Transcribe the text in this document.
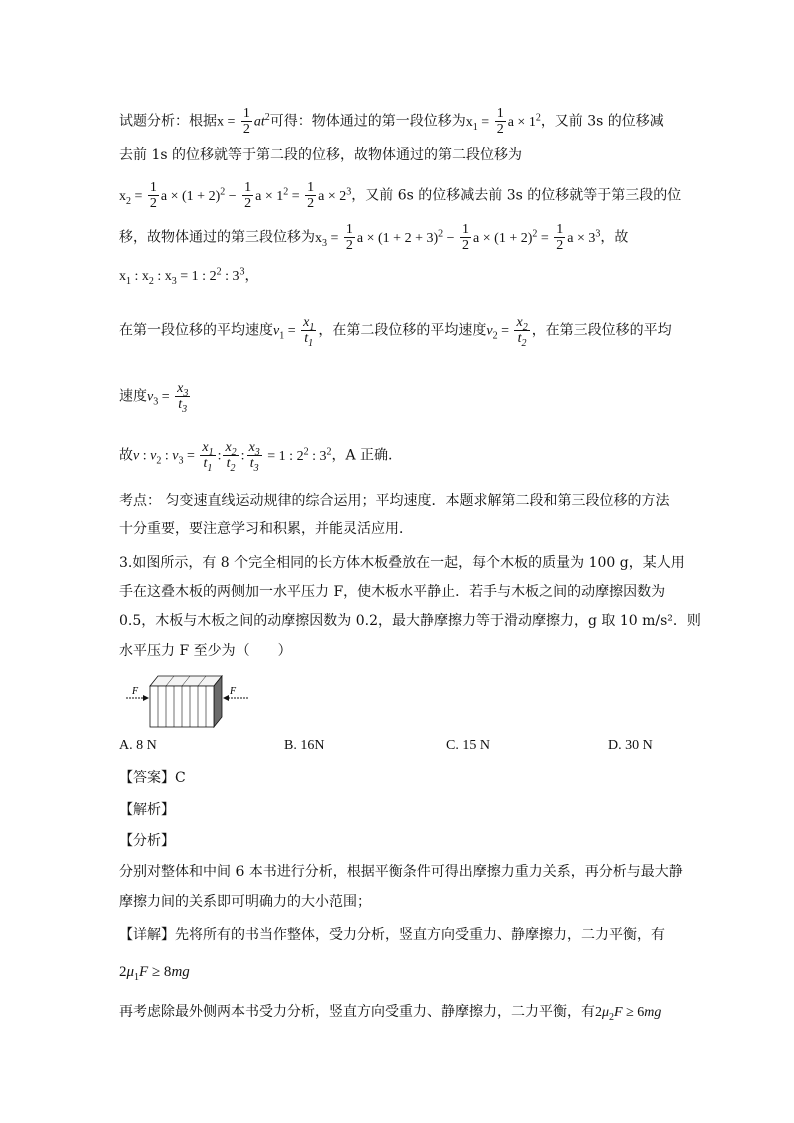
试题分析：根据$x = \frac{1}{2} at^2$可得：物体通过的第一段位移为$x_1 = \frac{1}{2}$ $a \times 1^2$，又前 3s 的位移减
去前 1s 的位移就等于第二段的位移，故物体通过的第二段位移为
$x_2 = \frac{1}{2}$ $a \times (1 + 2)^2 - \frac{1}{2}$ $a \times 1^2 = \frac{1}{2}$ $a \times 2^3$，又前 6s 的位移减去前 3s 的位移就等于第三段的位
移，故物体通过的第三段位移为$x_3 = \frac{1}{2}$ $a \times (1 + 2 + 3)^2 - \frac{1}{2}$ $a \times (1 + 2)^2 = \frac{1}{2}$ $a \times 3^3$，故
$x_1$ : $x_2$ : $x_3 = 1$ : $2^2$ : $3^3$，
在第一段位移的平均速度$v_1 = \frac{x_1}{t_1}$ ，在第二段位移的平均速度$v_2 = \frac{x_2}{t_2}$ ，在第三段位移的平均
速度$v_3 = \frac{x_3}{t_3}$
故v : $v_2$ : $v_3 = \frac{x_1}{t_1}$ : $\frac{x_2}{t_2}$ : $\frac{x_3}{t_3} = 1$ : $2^2$ : $3^2$，A 正确.
考点： 匀变速直线运动规律的综合运用；平均速度．本题求解第二段和第三段位移的方法
十分重要，要注意学习和积累，并能灵活应用．
3.如图所示，有 8 个完全相同的长方体木板叠放在一起，每个木板的质量为 100 g，某人用
手在这叠木板的两侧加一水平压力 F，使木板水平静止．若手与木板之间的动摩擦因数为
0.5，木板与木板之间的动摩擦因数为 0.2，最大静摩擦力等于滑动摩擦力，g 取 10 m/s²．则
水平压力 F 至少为（　　）
F	F
A. 8 N	B. 16N	C. 15 N	D. 30 N
【答案】C
【解析】
【分析】
分别对整体和中间 6 本书进行分析，根据平衡条件可得出摩擦力重力关系，再分析与最大静
摩擦力间的关系即可明确力的大小范围；
【详解】先将所有的书当作整体，受力分析，竖直方向受重力、静摩擦力，二力平衡，有
$2\mu_1F \ge 8mg$
再考虑除最外侧两本书受力分析，竖直方向受重力、静摩擦力，二力平衡，有$2\mu_2F \ge 6mg$
